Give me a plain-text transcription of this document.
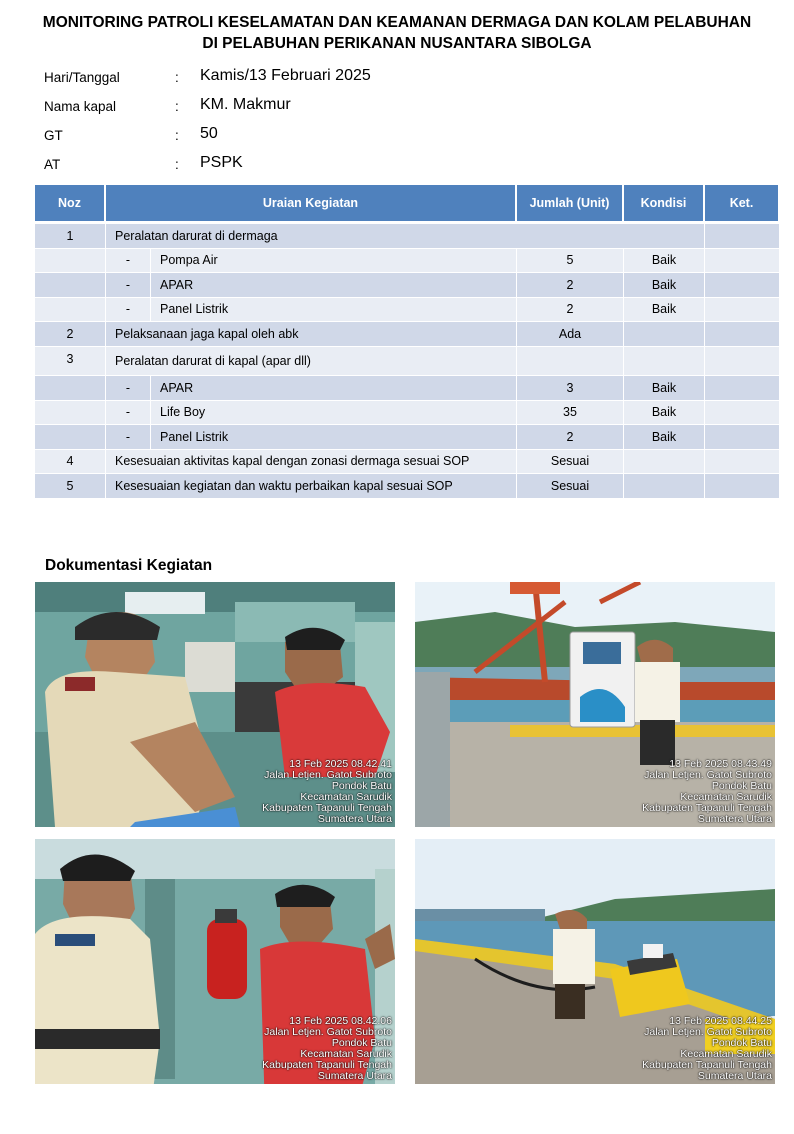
MONITORING PATROLI KESELAMATAN DAN KEAMANAN DERMAGA DAN KOLAM PELABUHAN
DI PELABUHAN PERIKANAN NUSANTARA SIBOLGA
Hari/Tanggal	: Kamis/13 Februari 2025
Nama kapal	: KM. Makmur
GT	: 50
AT	: PSPK
Noz	Uraian Kegiatan		Jumlah (Unit)	Kondisi	Ket.
1	Peralatan darurat di dermaga				
	-	Pompa Air	5	Baik	
	-	APAR	2	Baik	
	-	Panel Listrik	2	Baik	
2	Pelaksanaan jaga kapal oleh abk		Ada		
3	Peralatan darurat di kapal (apar dll)				
	-	APAR	3	Baik	
	-	Life Boy	35	Baik	
	-	Panel Listrik	2	Baik	
4	Kesesuaian aktivitas kapal dengan zonasi dermaga sesuai SOP		Sesuai		
5	Kesesuaian kegiatan dan waktu perbaikan kapal sesuai SOP		Sesuai		
Dokumentasi Kegiatan
13 Feb 2025 08.42.41
Jalan Letjen. Gatot Subroto
Pondok Batu
Kecamatan Sarudik
Kabupaten Tapanuli Tengah
Sumatera Utara
13 Feb 2025 08.43.49
Jalan Letjen. Gatot Subroto
Pondok Batu
Kecamatan Sarudik
Kabupaten Tapanuli Tengah
Sumatera Utara
13 Feb 2025 08.42.06
Jalan Letjen. Gatot Subroto
Pondok Batu
Kecamatan Sarudik
Kabupaten Tapanuli Tengah
Sumatera Utara
13 Feb 2025 08.44.25
Jalan Letjen. Gatot Subroto
Pondok Batu
Kecamatan Sarudik
Kabupaten Tapanuli Tengah
Sumatera Utara
